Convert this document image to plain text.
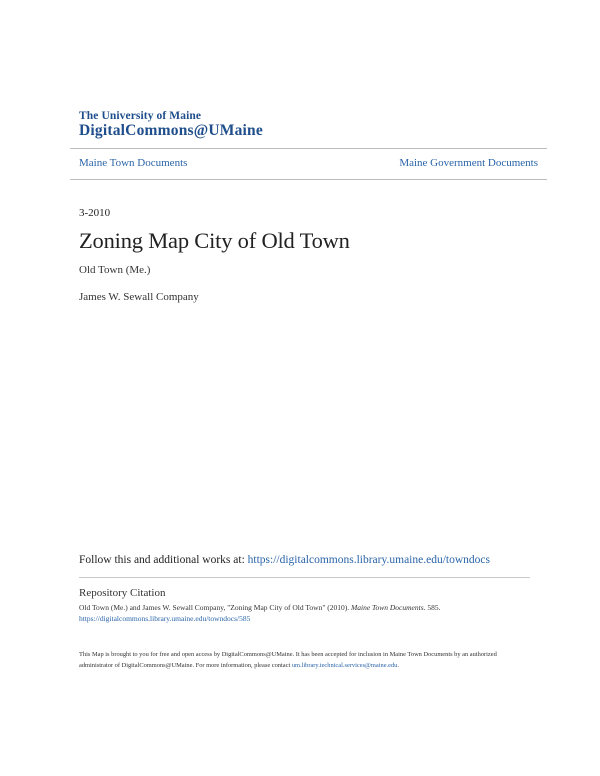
The University of Maine
DigitalCommons@UMaine
Maine Town Documents	Maine Government Documents
3-2010
Zoning Map City of Old Town
Old Town (Me.)
James W. Sewall Company
Follow this and additional works at: https://digitalcommons.library.umaine.edu/towndocs
Repository Citation
Old Town (Me.) and James W. Sewall Company, "Zoning Map City of Old Town" (2010). Maine Town Documents. 585.
https://digitalcommons.library.umaine.edu/towndocs/585
This Map is brought to you for free and open access by DigitalCommons@UMaine. It has been accepted for inclusion in Maine Town Documents by an authorized administrator of DigitalCommons@UMaine. For more information, please contact um.library.technical.services@maine.edu.
